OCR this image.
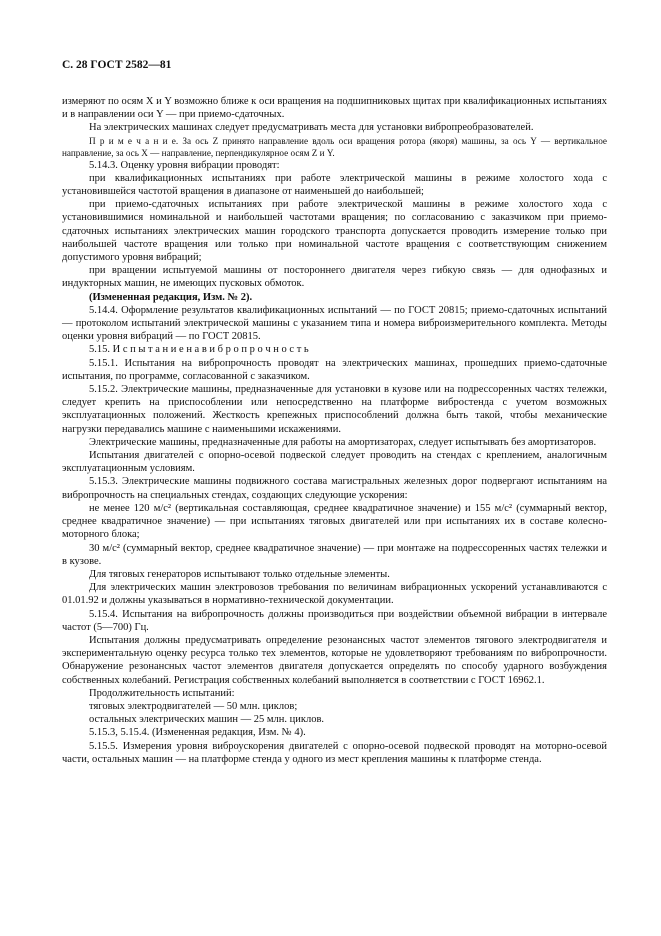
С. 28 ГОСТ 2582—81

измеряют по осям X и Y возможно ближе к оси вращения на подшипниковых щитах при квалификационных испытаниях и в направлении оси Y — при приемо-сдаточных.

На электрических машинах следует предусматривать места для установки вибропреобразователей.

П р и м е ч а н и е. За ось Z принято направление вдоль оси вращения ротора (якоря) машины, за ось Y — вертикальное направление, за ось X — направление, перпендикулярное осям Z и Y.

5.14.3. Оценку уровня вибрации проводят:

при квалификационных испытаниях при работе электрической машины в режиме холостого хода с установившейся частотой вращения в диапазоне от наименьшей до наибольшей;

при приемо-сдаточных испытаниях при работе электрической машины в режиме холостого хода с установившимися номинальной и наибольшей частотами вращения; по согласованию с заказчиком при приемо-сдаточных испытаниях электрических машин городского транспорта допускается проводить измерение только при наибольшей частоте вращения или только при номинальной частоте вращения с соответствующим снижением допустимого уровня вибраций;

при вращении испытуемой машины от постороннего двигателя через гибкую связь — для однофазных и индукторных машин, не имеющих пусковых обмоток.

(Измененная редакция, Изм. № 2).

5.14.4. Оформление результатов квалификационных испытаний — по ГОСТ 20815; приемо-сдаточных испытаний — протоколом испытаний электрической машины с указанием типа и номера виброизмерительного комплекта. Методы оценки уровня вибраций — по ГОСТ 20815.

5.15. И с п ы т а н и е н а в и б р о п р о ч н о с т ь

5.15.1. Испытания на вибропрочность проводят на электрических машинах, прошедших приемо-сдаточные испытания, по программе, согласованной с заказчиком.

5.15.2. Электрические машины, предназначенные для установки в кузове или на подрессоренных частях тележки, следует крепить на приспособлении или непосредственно на платформе вибростенда с учетом возможных эксплуатационных положений. Жесткость крепежных приспособлений должна быть такой, чтобы механические нагрузки передавались машине с наименьшими искажениями.

Электрические машины, предназначенные для работы на амортизаторах, следует испытывать без амортизаторов.

Испытания двигателей с опорно-осевой подвеской следует проводить на стендах с креплением, аналогичным эксплуатационным условиям.

5.15.3. Электрические машины подвижного состава магистральных железных дорог подвергают испытаниям на вибропрочность на специальных стендах, создающих следующие ускорения:

не менее 120 м/с² (вертикальная составляющая, среднее квадратичное значение) и 155 м/с² (суммарный вектор, среднее квадратичное значение) — при испытаниях тяговых двигателей или при испытаниях их в составе колесно-моторного блока;

30 м/с² (суммарный вектор, среднее квадратичное значение) — при монтаже на подрессоренных частях тележки и в кузове.

Для тяговых генераторов испытывают только отдельные элементы.

Для электрических машин электровозов требования по величинам вибрационных ускорений устанавливаются с 01.01.92 и должны указываться в нормативно-технической документации.

5.15.4. Испытания на вибропрочность должны производиться при воздействии объемной вибрации в интервале частот (5—700) Гц.

Испытания должны предусматривать определение резонансных частот элементов тягового электродвигателя и экспериментальную оценку ресурса только тех элементов, которые не удовлетворяют требованиям по вибропрочности. Обнаружение резонансных частот элементов двигателя допускается определять по способу ударного возбуждения собственных колебаний. Регистрация собственных колебаний выполняется в соответствии с ГОСТ 16962.1.

Продолжительность испытаний:

тяговых электродвигателей — 50 млн. циклов;

остальных электрических машин — 25 млн. циклов.

5.15.3, 5.15.4. (Измененная редакция, Изм. № 4).

5.15.5. Измерения уровня виброускорения двигателей с опорно-осевой подвеской проводят на моторно-осевой части, остальных машин — на платформе стенда у одного из мест крепления машины к платформе стенда.
